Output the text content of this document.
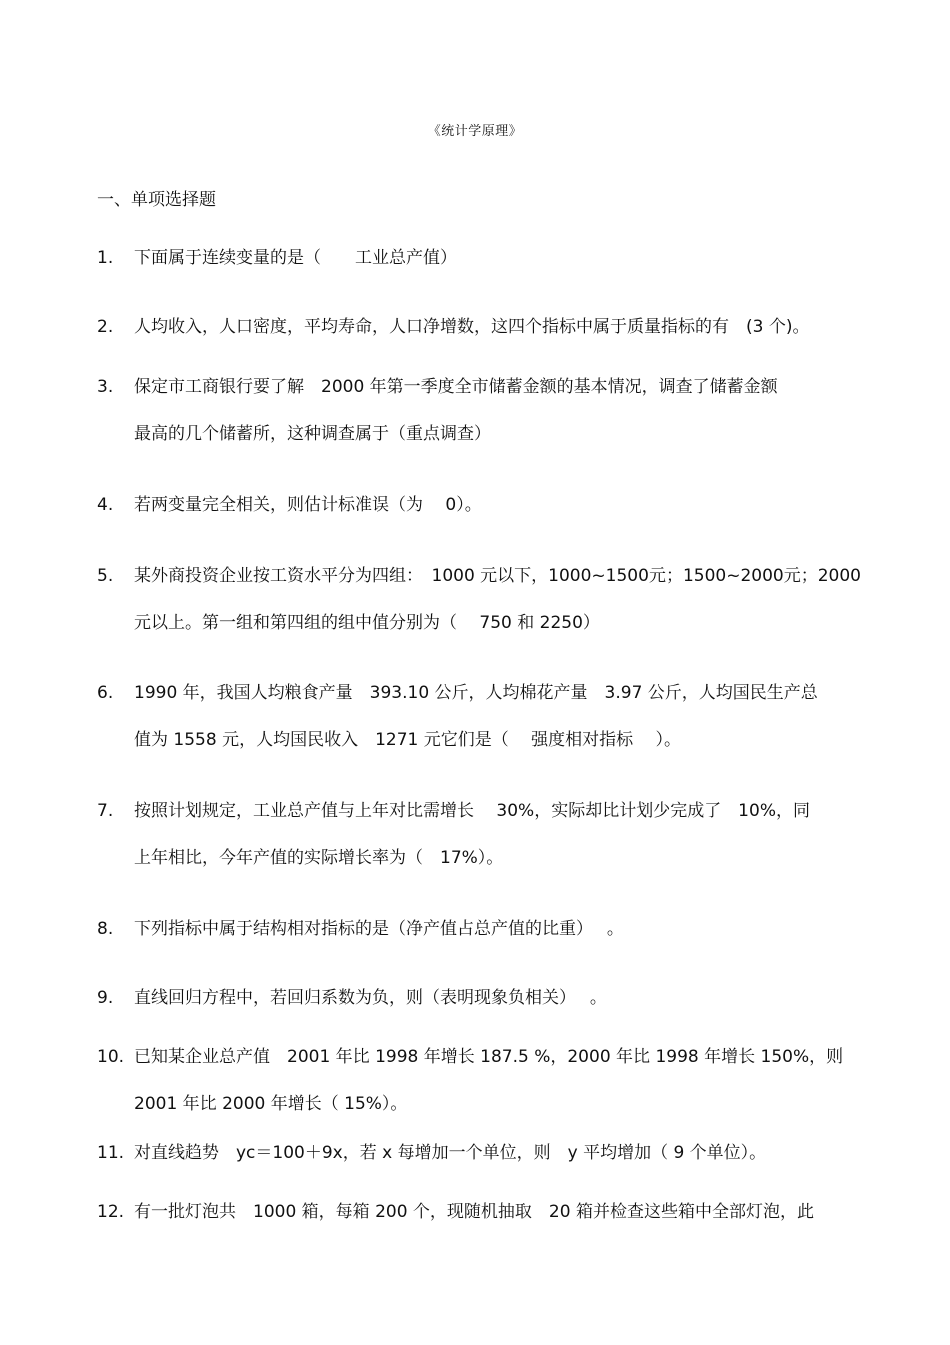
《统计学原理》
一、单项选择题
1.	下面属于连续变量的是（　　工业总产值）
2.	人均收入，人口密度，平均寿命，人口净增数，这四个指标中属于质量指标的有　(3 个)。
3.	保定市工商银行要了解　2000 年第一季度全市储蓄金额的基本情况，调查了储蓄金额
最高的几个储蓄所，这种调查属于（重点调查）
4.	若两变量完全相关，则估计标准误（为　 0）。
5.	某外商投资企业按工资水平分为四组：　1000 元以下，1000~1500元；1500~2000元；2000
元以上。第一组和第四组的组中值分别为（　 750 和 2250）
6.	1990 年，我国人均粮食产量　393.10 公斤，人均棉花产量　3.97 公斤，人均国民生产总
值为 1558 元，人均国民收入　1271 元它们是（　 强度相对指标　 ）。
7.	按照计划规定，工业总产值与上年对比需增长　 30%，实际却比计划少完成了　10%，同
上年相比，今年产值的实际增长率为（　17%）。
8.	下列指标中属于结构相对指标的是（净产值占总产值的比重）　 。
9.	直线回归方程中，若回归系数为负，则（表明现象负相关）　 。
10. 已知某企业总产值　2001 年比 1998 年增长 187.5 %，2000 年比 1998 年增长 150%，则
2001 年比 2000 年增长（ 15%）。
11. 对直线趋势　yc＝100＋9x，若 x 每增加一个单位，则　y 平均增加（ 9 个单位）。
12. 有一批灯泡共　1000 箱，每箱 200 个，现随机抽取　20 箱并检查这些箱中全部灯泡，此
